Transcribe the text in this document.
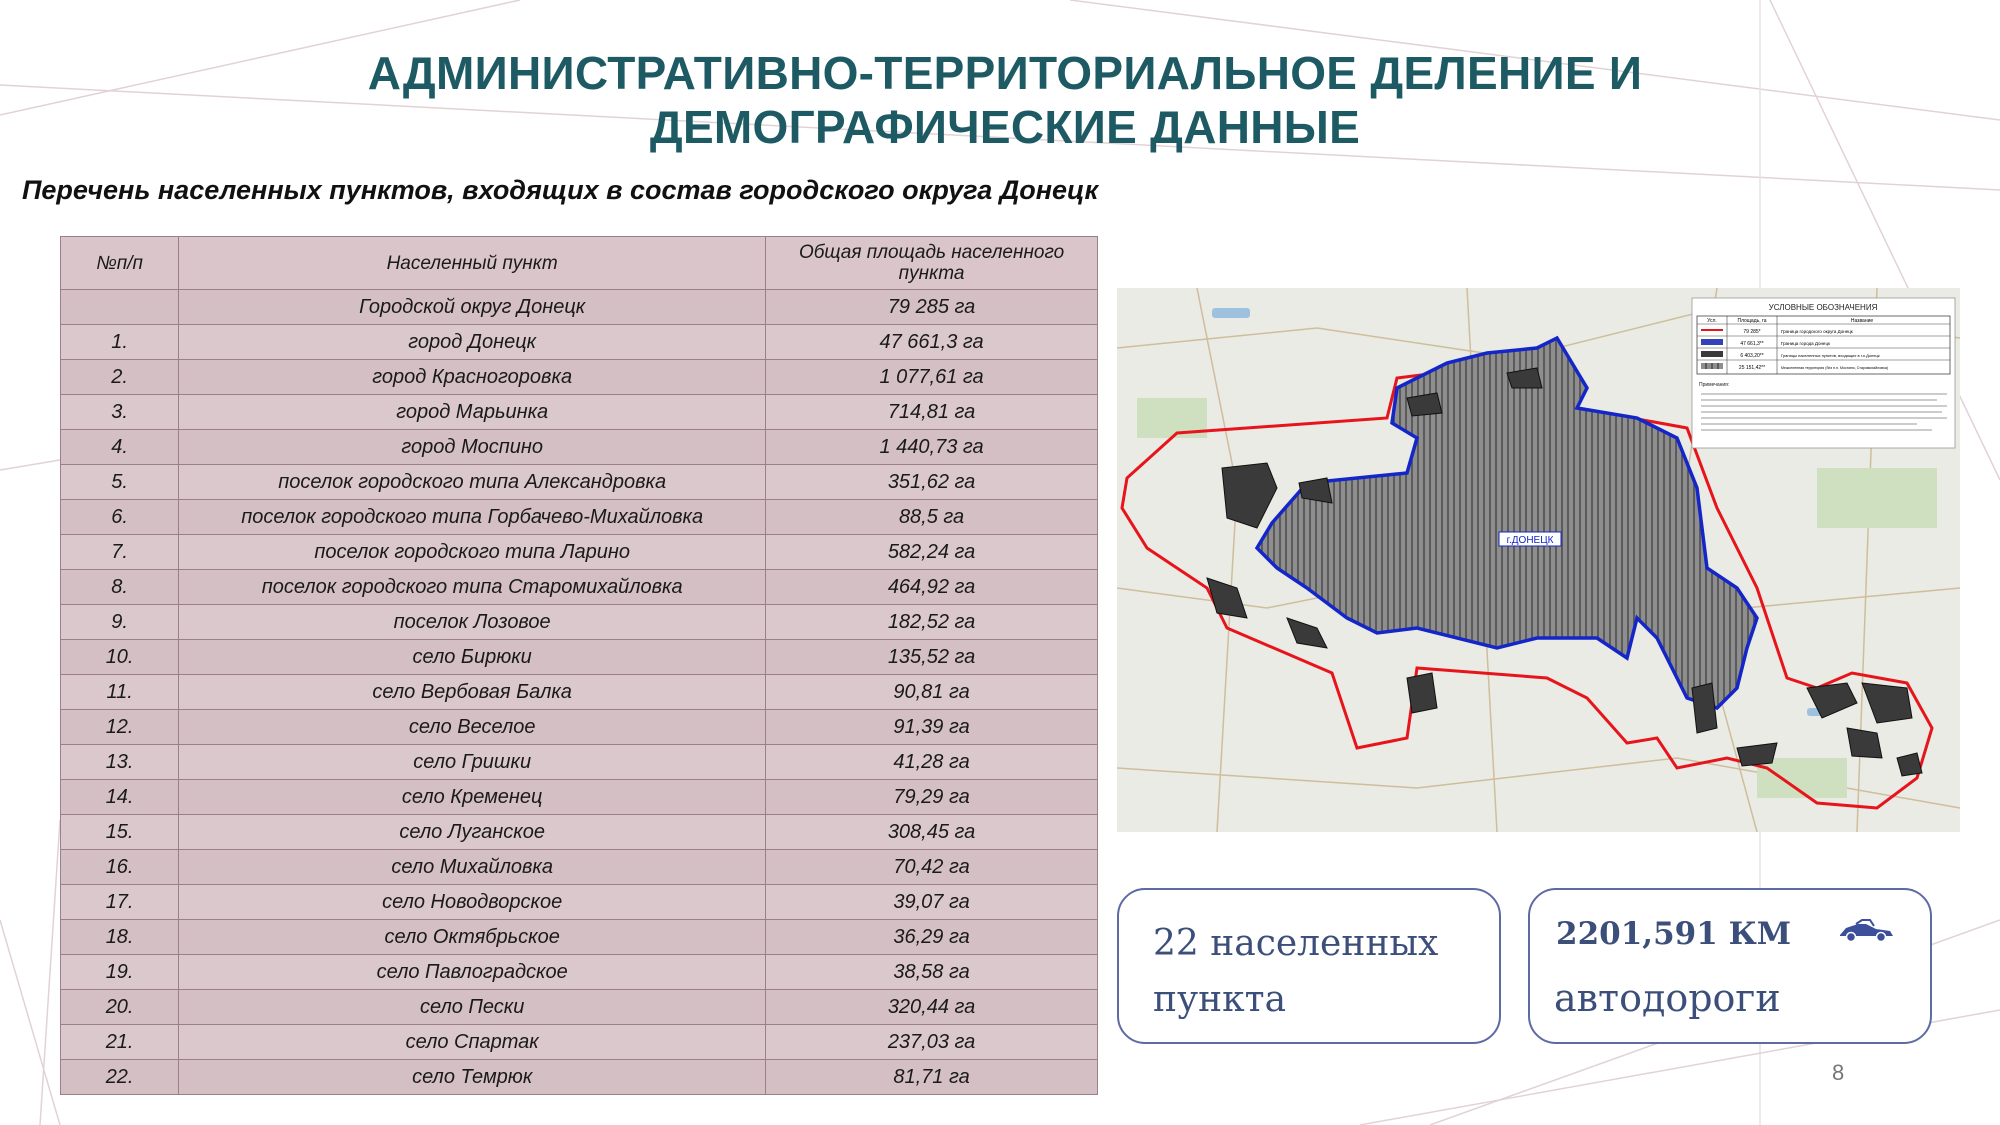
АДМИНИСТРАТИВНО-ТЕРРИТОРИАЛЬНОЕ ДЕЛЕНИЕ И
ДЕМОГРАФИЧЕСКИЕ ДАННЫЕ
Перечень населенных пунктов, входящих в состав городского округа Донецк
№п/п	Населенный пункт	Общая площадь населенного пункта
	Городской округ Донецк	79 285 га
1.	город Донецк	47 661,3 га
2.	город Красногоровка	1 077,61 га
3.	город Марьинка	714,81 га
4.	город Моспино	1 440,73 га
5.	поселок городского типа Александровка	351,62 га
6.	поселок городского типа Горбачево-Михайловка	88,5 га
7.	поселок городского типа Ларино	582,24 га
8.	поселок городского типа Старомихайловка	464,92 га
9.	поселок Лозовое	182,52 га
10.	село Бирюки	135,52 га
11.	село Вербовая Балка	90,81 га
12.	село Веселое	91,39 га
13.	село Гришки	41,28 га
14.	село Кременец	79,29 га
15.	село Луганское	308,45 га
16.	село Михайловка	70,42 га
17.	село Новодворское	39,07 га
18.	село Октябрьское	36,29 га
19.	село Павлоградское	38,58 га
20.	село Пески	320,44 га
21.	село Спартак	237,03 га
22.	село Темрюк	81,71 га
УСЛОВНЫЕ ОБОЗНАЧЕНИЯ
Усл.	Площадь, га	Название
79 285*	Граница городского округа Донецк
47 661,3**	Граница города Донецк
6 403,20**	Границы населенных пунктов, входящих в г.о.Донецк
25 151,42**	Межселенная территория (без н.п. Моспино, Старомихайловка)
Примечания:
г.ДОНЕЦК
22 населенных
пункта
2201,591 КМ
автодороги
8
